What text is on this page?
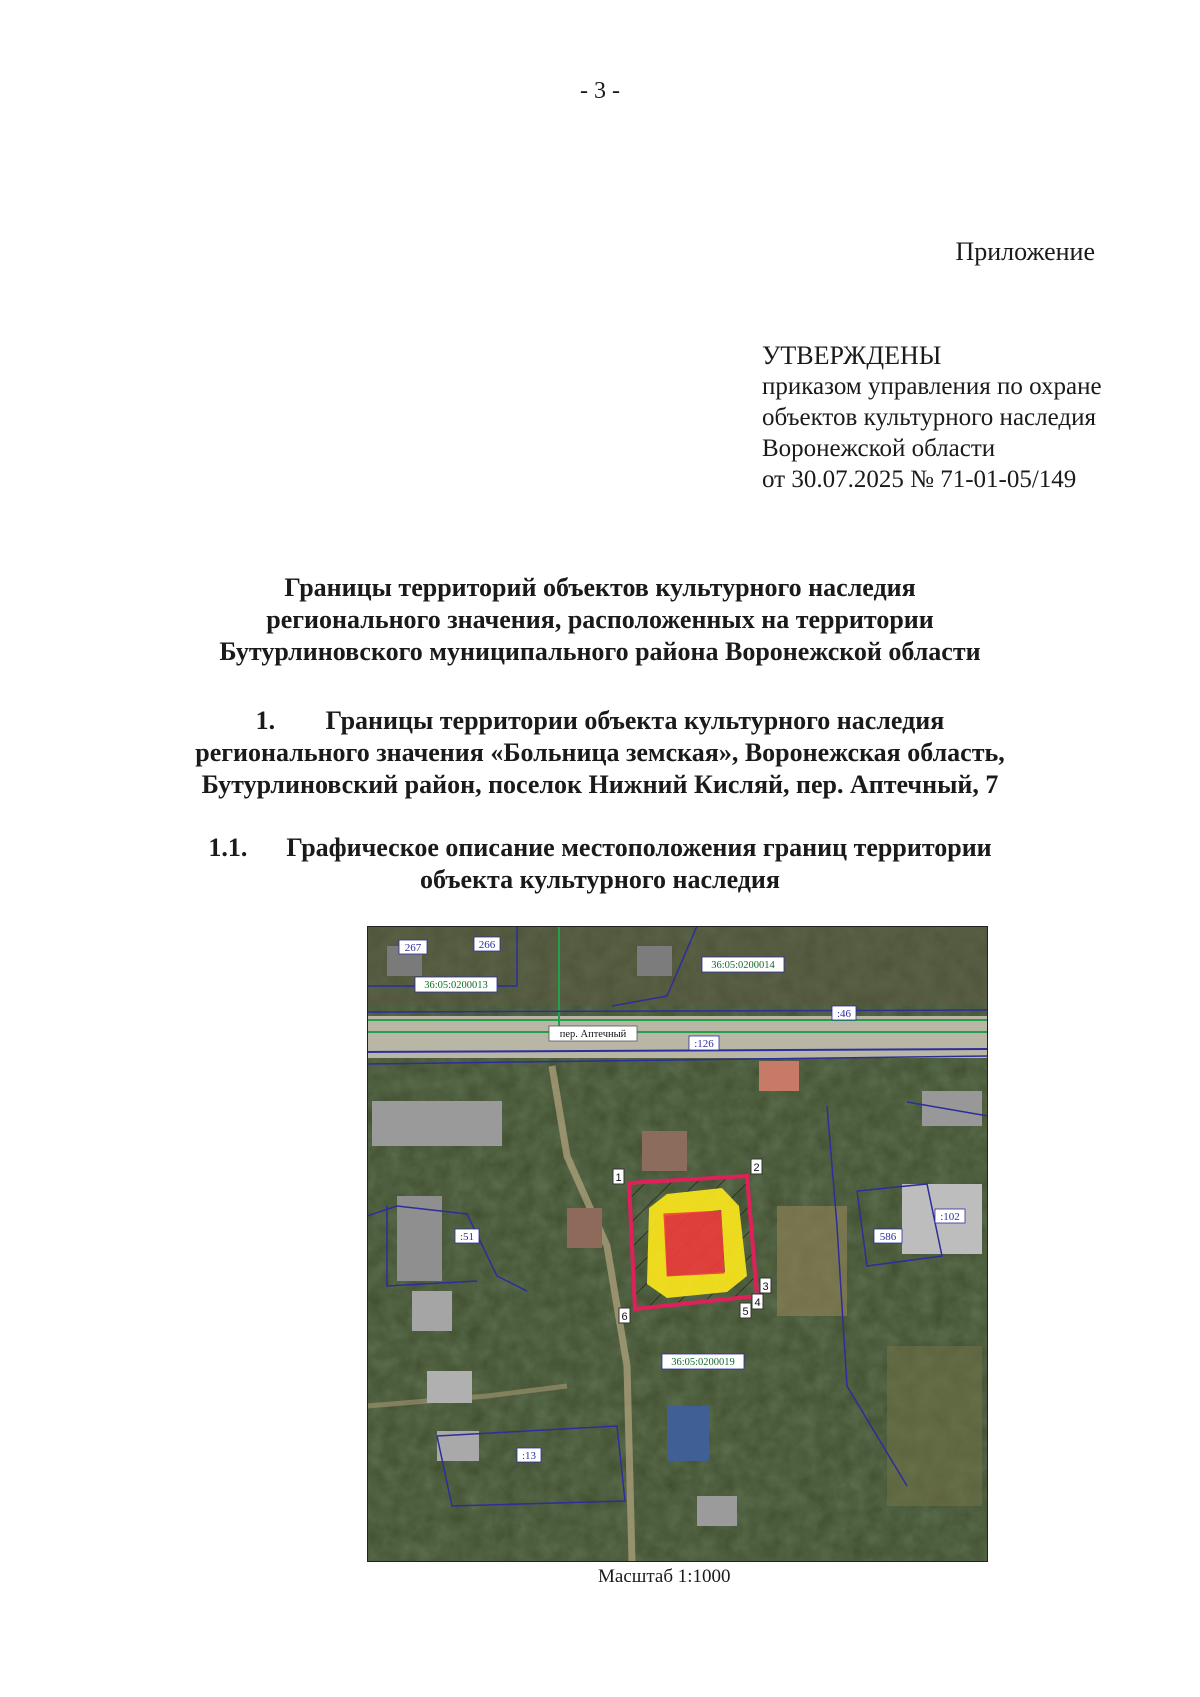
- 3 -
Приложение
УТВЕРЖДЕНЫ
приказом управления по охране
объектов культурного наследия
Воронежской области
от 30.07.2025 № 71-01-05/149
Границы территорий объектов культурного наследия
регионального значения, расположенных на территории
Бутурлиновского муниципального района Воронежской области
1. Границы территории объекта культурного наследия
регионального значения «Больница земская», Воронежская область,
Бутурлиновский район, поселок Нижний Кисляй, пер. Аптечный, 7
1.1. Графическое описание местоположения границ территории
объекта культурного наследия
1
2
3
4
5
6
267	266
:46
:126
:51	586
:102
:13
36:05:0200013
36:05:0200014
36:05:0200019
пер. Аптечный
Масштаб 1:1000
